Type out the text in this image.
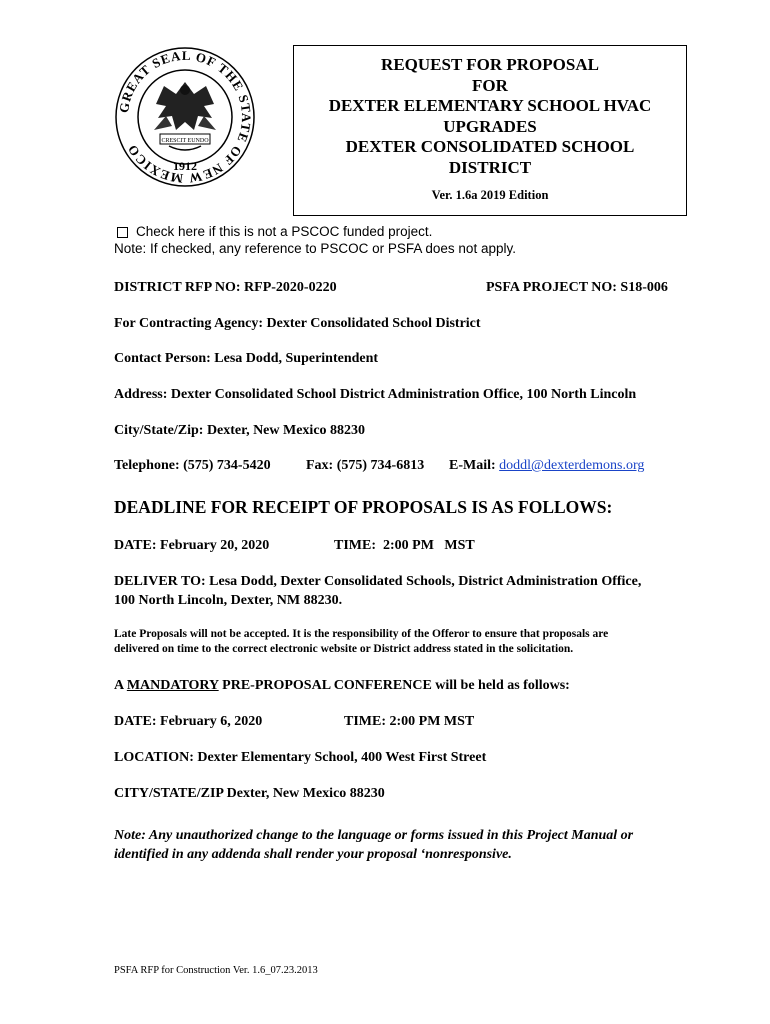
GREAT SEAL OF THE STATE OF NEW MEXICO
1912
CRESCIT EUNDO
REQUEST FOR PROPOSAL
FOR
DEXTER ELEMENTARY SCHOOL HVAC
UPGRADES
DEXTER CONSOLIDATED SCHOOL
DISTRICT
Ver. 1.6a 2019 Edition
Check here if this is not a PSCOC funded project.
Note: If checked, any reference to PSCOC or PSFA does not apply.
DISTRICT RFP NO: RFP-2020-0220	PSFA PROJECT NO: S18-006
For Contracting Agency: Dexter Consolidated School District
Contact Person: Lesa Dodd, Superintendent
Address: Dexter Consolidated School District Administration Office, 100 North Lincoln
City/State/Zip: Dexter, New Mexico 88230
Telephone: (575) 734-5420	Fax: (575) 734-6813 E-Mail: doddl@dexterdemons.org
DEADLINE FOR RECEIPT OF PROPOSALS IS AS FOLLOWS:
DATE: February 20, 2020	TIME:  2:00 PM   MST
DELIVER TO: Lesa Dodd, Dexter Consolidated Schools, District Administration Office,
100 North Lincoln, Dexter, NM 88230.
Late Proposals will not be accepted. It is the responsibility of the Offeror to ensure that proposals are
delivered on time to the correct electronic website or District address stated in the solicitation.
A MANDATORY PRE-PROPOSAL CONFERENCE will be held as follows:
DATE: February 6, 2020	TIME: 2:00 PM MST
LOCATION: Dexter Elementary School, 400 West First Street
CITY/STATE/ZIP Dexter, New Mexico 88230
Note: Any unauthorized change to the language or forms issued in this Project Manual or
identified in any addenda shall render your proposal ‘nonresponsive.
PSFA RFP for Construction Ver. 1.6_07.23.2013
